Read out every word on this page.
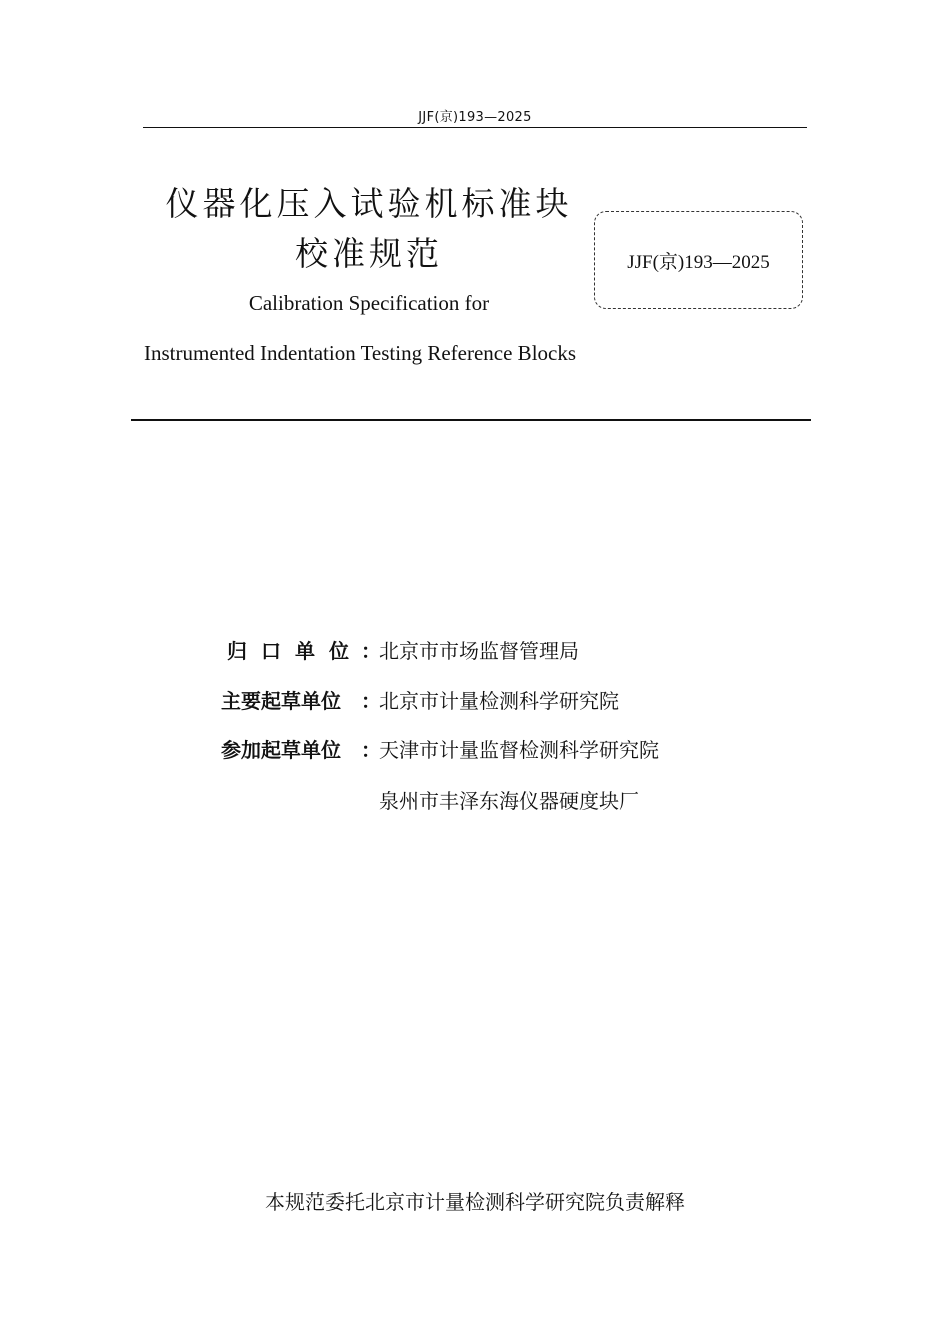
JJF(京)193—2025
仪器化压入试验机标准块
校准规范
Calibration Specification for
Instrumented Indentation Testing Reference Blocks
JJF(京)193—2025
归口单位
：
北京市市场监督管理局
主要起草单位	：
北京市计量检测科学研究院
参加起草单位	：
天津市计量监督检测科学研究院
泉州市丰泽东海仪器硬度块厂
本规范委托北京市计量检测科学研究院负责解释
